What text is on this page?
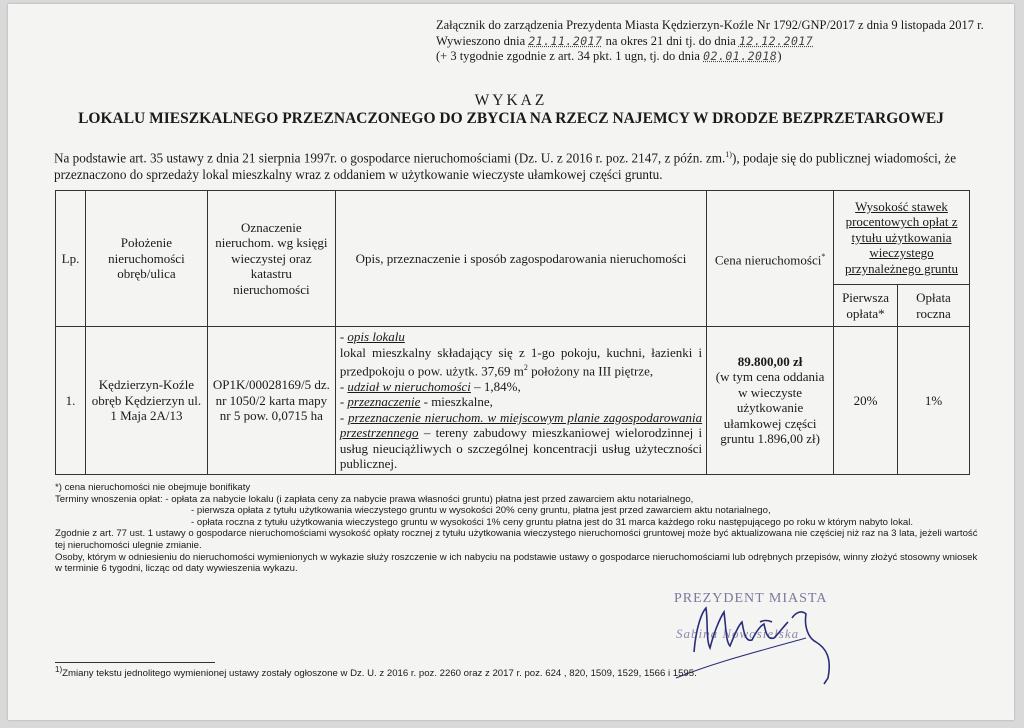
Załącznik do zarządzenia Prezydenta Miasta Kędzierzyn-Koźle Nr 1792/GNP/2017 z dnia 9 listopada 2017 r.
Wywieszono dnia 21.11.2017 na okres 21 dni tj. do dnia 12.12.2017
(+ 3 tygodnie zgodnie z art. 34 pkt. 1 ugn, tj. do dnia 02.01.2018)
WYKAZ
LOKALU MIESZKALNEGO PRZEZNACZONEGO DO ZBYCIA NA RZECZ NAJEMCY W DRODZE BEZPRZETARGOWEJ
Na podstawie art. 35 ustawy z dnia 21 sierpnia 1997r. o gospodarce nieruchomościami (Dz. U. z 2016 r. poz. 2147, z późn. zm.$^{1)}$), podaje się do publicznej wiadomości, że przeznaczono do sprzedaży lokal mieszkalny wraz z oddaniem w użytkowanie wieczyste ułamkowej części gruntu.
Lp.	Położenie nieruchomości obręb/ulica	Oznaczenie nieruchom. wg księgi wieczystej oraz katastru nieruchomości	Opis, przeznaczenie i sposób zagospodarowania nieruchomości	Cena nieruchomości*	Wysokość stawek procentowych opłat z tytułu użytkowania wieczystego przynależnego gruntu	
					Pierwsza opłata*	Opłata roczna
1.	Kędzierzyn-Koźle obręb Kędzierzyn ul. 1 Maja 2A/13	OP1K/00028169/5 dz. nr 1050/2 karta mapy nr 5 pow. 0,0715 ha	- opis lokalu
lokal mieszkalny składający się z 1-go pokoju, kuchni, łazienki i przedpokoju o pow. użytk. 37,69 $m^2$ położony na III piętrze,
- udział w nieruchomości – 1,84%,
- przeznaczenie - mieszkalne,
- przeznaczenie nieruchom. w miejscowym planie zagospodarowania przestrzennego – tereny zabudowy mieszkaniowej wielorodzinnej i usług nieuciążliwych o szczególnej koncentracji usług użyteczności publicznej.	89.800,00 zł
(w tym cena oddania w wieczyste użytkowanie ułamkowej części gruntu 1.896,00 zł)	20%	1%

*) cena nieruchomości nie obejmuje bonifikaty

Terminy wnoszenia opłat: - opłata za nabycie lokalu (i zapłata ceny za nabycie prawa własności gruntu) płatna jest przed zawarciem aktu notarialnego,

- pierwsza opłata z tytułu użytkowania wieczystego gruntu w wysokości 20% ceny gruntu, płatna jest przed zawarciem aktu notarialnego,

- opłata roczna z tytułu użytkowania wieczystego gruntu w wysokości 1% ceny gruntu płatna jest do 31 marca każdego roku następującego po roku w którym nabyto lokal.

Zgodnie z art. 77 ust. 1 ustawy o gospodarce nieruchomościami wysokość opłaty rocznej z tytułu użytkowania wieczystego nieruchomości gruntowej może być aktualizowana nie częściej niż raz na 3 lata, jeżeli wartość tej nieruchomości ulegnie zmianie.

Osoby, którym w odniesieniu do nieruchomości wymienionych w wykazie służy roszczenie w ich nabyciu na podstawie ustawy o gospodarce nieruchomościami lub odrębnych przepisów, winny złożyć stosowny wniosek w terminie 6 tygodni, licząc od daty wywieszenia wykazu.

PREZYDENT MIASTA
Sabina Nowosielska
$^{1)}$Zmiany tekstu jednolitego wymienionej ustawy zostały ogłoszone w Dz. U. z 2016 r. poz. 2260 oraz z 2017 r. poz. 624 , 820, 1509, 1529, 1566 i 1595.
